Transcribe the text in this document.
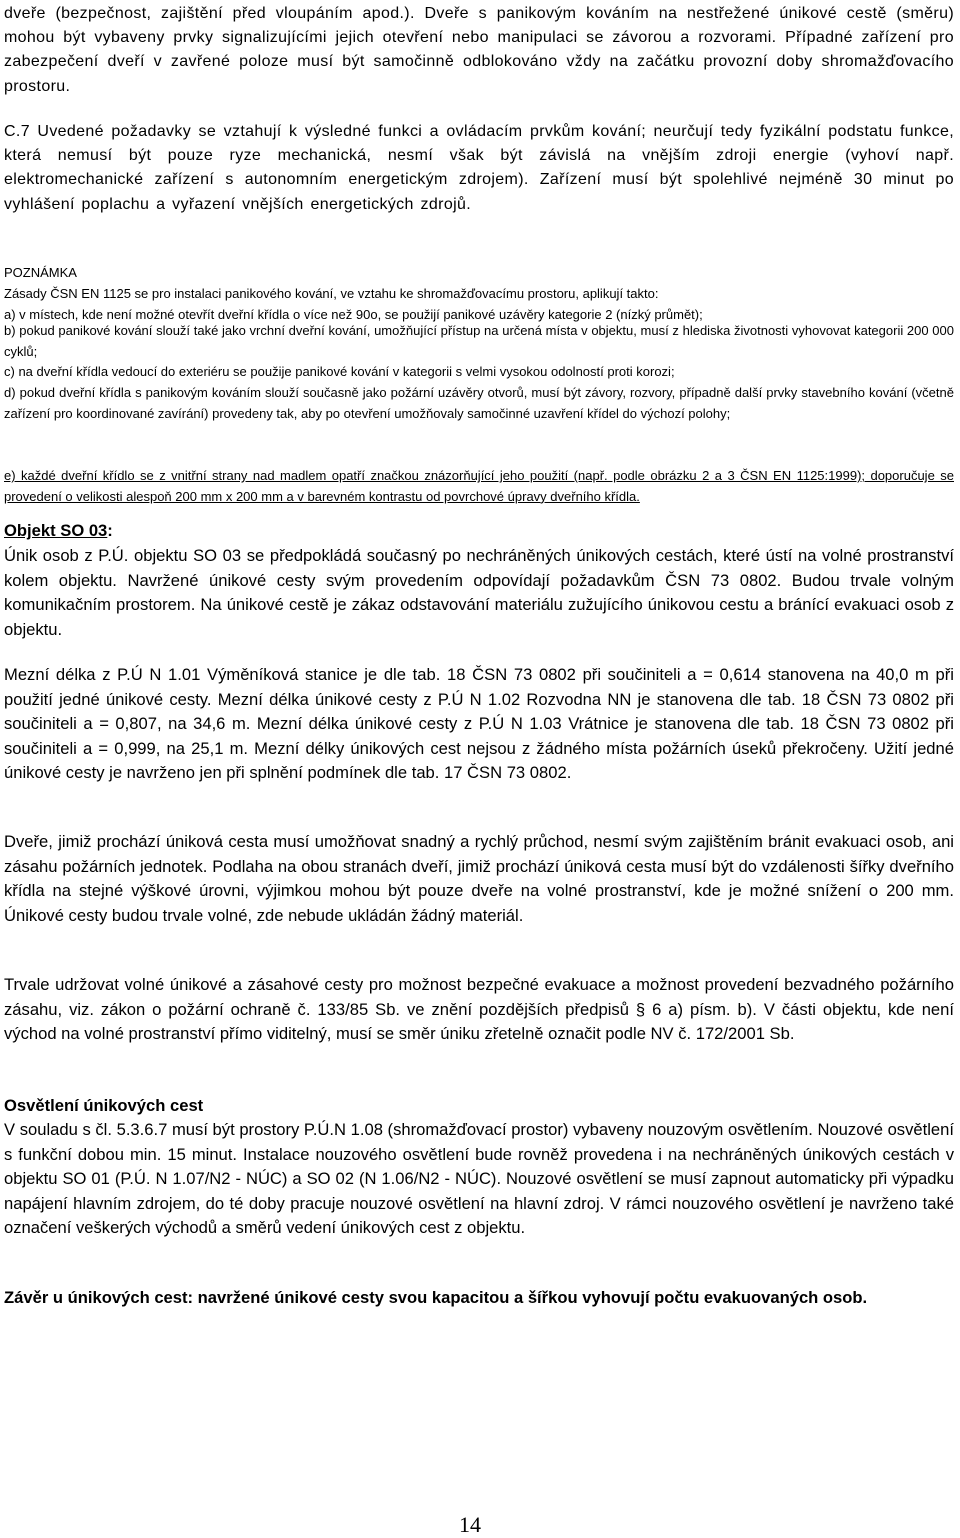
dveře (bezpečnost, zajištění před vloupáním apod.). Dveře s panikovým kováním na nestřežené únikové cestě (směru) mohou být vybaveny prvky signalizujícími jejich otevření nebo manipulaci se závorou a rozvorami. Případné zařízení pro zabezpečení dveří v zavřené poloze musí být samočinně odblokováno vždy na začátku provozní doby shromažďovacího prostoru.

C.7 Uvedené požadavky se vztahují k výsledné funkci a ovládacím prvkům kování; neurčují tedy fyzikální podstatu funkce, která nemusí být pouze ryze mechanická, nesmí však být závislá na vnějším zdroji energie (vyhoví např. elektromechanické zařízení s autonomním energetickým zdrojem). Zařízení musí být spolehlivé nejméně 30 minut po vyhlášení poplachu a vyřazení vnějších energetických zdrojů.

POZNÁMKA

Zásady ČSN EN 1125 se pro instalaci panikového kování, ve vztahu ke shromažďovacímu prostoru, aplikují takto:

a) v místech, kde není možné otevřít dveřní křídla o více než 90o, se použijí panikové uzávěry kategorie 2 (nízký průmět);

b) pokud panikové kování slouží také jako vrchní dveřní kování, umožňující přístup na určená místa v objektu, musí z hlediska životnosti vyhovovat kategorii 200 000 cyklů;

c) na dveřní křídla vedoucí do exteriéru se použije panikové kování v kategorii s velmi vysokou odolností proti korozi;

d) pokud dveřní křídla s panikovým kováním slouží současně jako požární uzávěry otvorů, musí být závory, rozvory, případně další prvky stavebního kování (včetně zařízení pro koordinované zavírání) provedeny tak, aby po otevření umožňovaly samočinné uzavření křídel do výchozí polohy;

e) každé dveřní křídlo se z vnitřní strany nad madlem opatří značkou znázorňující jeho použití (např. podle obrázku 2 a 3 ČSN EN 1125:1999); doporučuje se provedení o velikosti alespoň 200 mm x 200 mm a v barevném kontrastu od povrchové úpravy dveřního křídla.

Objekt SO 03:

Únik osob z P.Ú. objektu SO 03 se předpokládá současný po nechráněných únikových cestách, které ústí na volné prostranství kolem objektu. Navržené únikové cesty svým provedením odpovídají požadavkům ČSN 73 0802. Budou trvale volným komunikačním prostorem. Na únikové cestě je zákaz odstavování materiálu zužujícího únikovou cestu a bránící evakuaci osob z objektu.

Mezní délka z P.Ú N 1.01 Výměníková stanice je dle tab. 18 ČSN 73 0802 při součiniteli a = 0,614 stanovena na 40,0 m při použití jedné únikové cesty. Mezní délka únikové cesty z P.Ú N 1.02 Rozvodna NN je stanovena dle tab. 18 ČSN 73 0802 při součiniteli a = 0,807, na 34,6 m. Mezní délka únikové cesty z P.Ú N 1.03 Vrátnice je stanovena dle tab. 18 ČSN 73 0802 při součiniteli a = 0,999, na 25,1 m. Mezní délky únikových cest nejsou z žádného místa požárních úseků překročeny. Užití jedné únikové cesty je navrženo jen při splnění podmínek dle tab. 17 ČSN 73 0802.

Dveře, jimiž prochází úniková cesta musí umožňovat snadný a rychlý průchod, nesmí svým zajištěním bránit evakuaci osob, ani zásahu požárních jednotek. Podlaha na obou stranách dveří, jimiž prochází úniková cesta musí být do vzdálenosti šířky dveřního křídla na stejné výškové úrovni, výjimkou mohou být pouze dveře na volné prostranství, kde je možné snížení o 200 mm. Únikové cesty budou trvale volné, zde nebude ukládán žádný materiál.

Trvale udržovat volné únikové a zásahové cesty pro možnost bezpečné evakuace a možnost provedení bezvadného požárního zásahu, viz. zákon o požární ochraně č. 133/85 Sb. ve znění pozdějších předpisů § 6 a) písm. b). V části objektu, kde není východ na volné prostranství přímo viditelný, musí se směr úniku zřetelně označit podle NV č. 172/2001 Sb.

Osvětlení únikových cest

V souladu s čl. 5.3.6.7 musí být prostory P.Ú.N 1.08 (shromažďovací prostor) vybaveny nouzovým osvětlením. Nouzové osvětlení s funkční dobou min. 15 minut. Instalace nouzového osvětlení bude rovněž provedena i na nechráněných únikových cestách v objektu SO 01 (P.Ú. N 1.07/N2 - NÚC) a SO 02 (N 1.06/N2 - NÚC). Nouzové osvětlení se musí zapnout automaticky při výpadku napájení hlavním zdrojem, do té doby pracuje nouzové osvětlení na hlavní zdroj. V rámci nouzového osvětlení je navrženo také označení veškerých východů a směrů vedení únikových cest z objektu.

Závěr u únikových cest: navržené únikové cesty svou kapacitou a šířkou vyhovují počtu evakuovaných osob.

14
